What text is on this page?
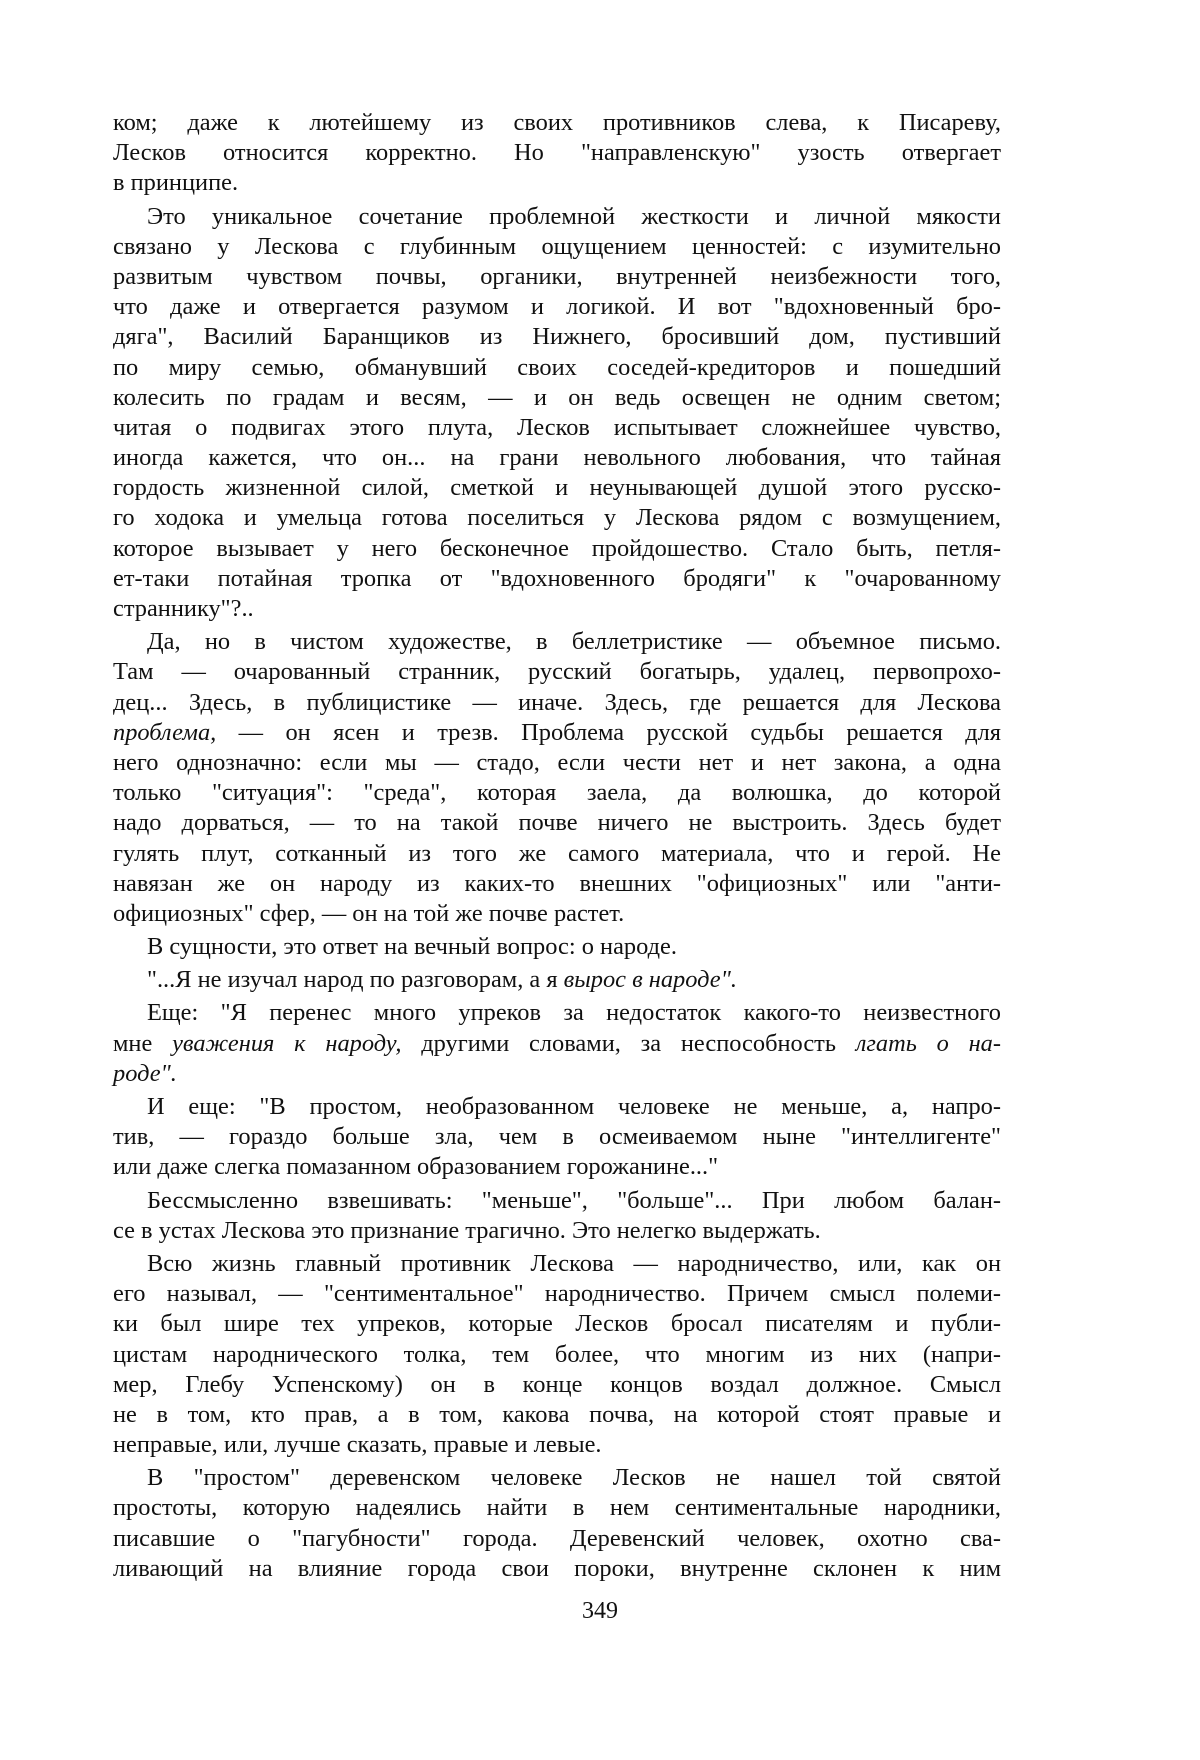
ком; даже к лютейшему из своих противников слева, к Писареву,
Лесков относится корректно. Но "направленскую" узость отвергает
в принципе.
Это уникальное сочетание проблемной жесткости и личной мякости
связано у Лескова с глубинным ощущением ценностей: с изумительно
развитым чувством почвы, органики, внутренней неизбежности того,
что даже и отвергается разумом и логикой. И вот "вдохновенный бро-
дяга", Василий Баранщиков из Нижнего, бросивший дом, пустивший
по миру семью, обманувший своих соседей-кредиторов и пошедший
колесить по градам и весям, — и он ведь освещен не одним светом;
читая о подвигах этого плута, Лесков испытывает сложнейшее чувство,
иногда кажется, что он... на грани невольного любования, что тайная
гордость жизненной силой, сметкой и неунывающей душой этого русско-
го ходока и умельца готова поселиться у Лескова рядом с возмущением,
которое вызывает у него бесконечное пройдошество. Стало быть, петля-
ет-таки потайная тропка от "вдохновенного бродяги" к "очарованному
страннику"?..
Да, но в чистом художестве, в беллетристике — объемное письмо.
Там — очарованный странник, русский богатырь, удалец, первопрохо-
дец... Здесь, в публицистике — иначе. Здесь, где решается для Лескова
проблема, — он ясен и трезв. Проблема русской судьбы решается для
него однозначно: если мы — стадо, если чести нет и нет закона, а одна
только "ситуация": "среда", которая заела, да волюшка, до которой
надо дорваться, — то на такой почве ничего не выстроить. Здесь будет
гулять плут, сотканный из того же самого материала, что и герой. Не
навязан же он народу из каких-то внешних "официозных" или "анти-
официозных" сфер, — он на той же почве растет.
В сущности, это ответ на вечный вопрос: о народе.
"...Я не изучал народ по разговорам, а я вырос в народе".
Еще: "Я перенес много упреков за недостаток какого-то неизвестного
мне уважения к народу, другими словами, за неспособность лгать о на-
роде".
И еще: "В простом, необразованном человеке не меньше, а, напро-
тив, — гораздо больше зла, чем в осмеиваемом ныне "интеллигенте"
или даже слегка помазанном образованием горожанине..."
Бессмысленно взвешивать: "меньше", "больше"... При любом балан-
се в устах Лескова это признание трагично. Это нелегко выдержать.
Всю жизнь главный противник Лескова — народничество, или, как он
его называл, — "сентиментальное" народничество. Причем смысл полеми-
ки был шире тех упреков, которые Лесков бросал писателям и публи-
цистам народнического толка, тем более, что многим из них (напри-
мер, Глебу Успенскому) он в конце концов воздал должное. Смысл
не в том, кто прав, а в том, какова почва, на которой стоят правые и
неправые, или, лучше сказать, правые и левые.
В "простом" деревенском человеке Лесков не нашел той святой
простоты, которую надеялись найти в нем сентиментальные народники,
писавшие о "пагубности" города. Деревенский человек, охотно сва-
ливающий на влияние города свои пороки, внутренне склонен к ним
349
